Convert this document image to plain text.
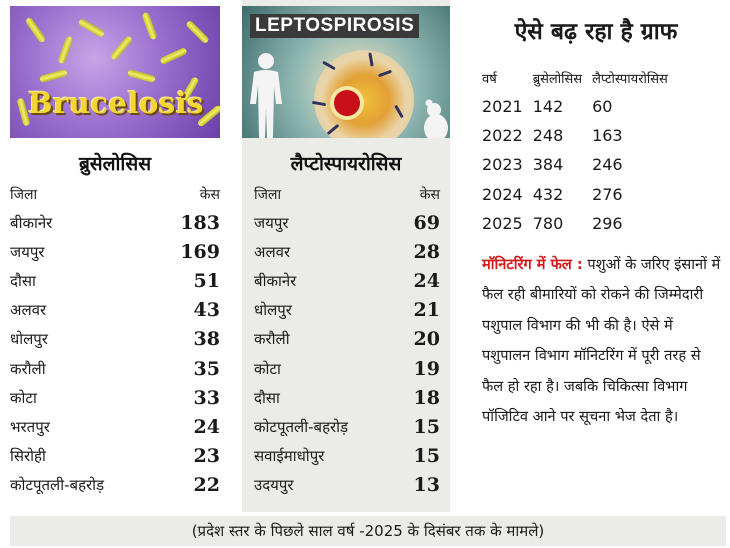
Brucelosis
ब्रुसेलोसिस
जिला	केस
बीकानेर	183
जयपुर	169
दौसा	51
अलवर	43
धोलपुर	38
करौली	35
कोटा	33
भरतपुर	24
सिरोही	23
कोटपूतली-बहरोड़	22
LEPTOSPIROSIS
लैप्टोस्पायरोसिस
जिला	केस
जयपुर	69
अलवर	28
बीकानेर	24
धोलपुर	21
करौली	20
कोटा	19
दौसा	18
कोटपूतली-बहरोड़	15
सवाईमाधोपुर	15
उदयपुर	13
ऐसे बढ़ रहा है ग्राफ
वर्ष	ब्रुसेलोसिस	लैप्टोस्पायरोसिस
2021	142	60
2022	248	163
2023	384	246
2024	432	276
2025	780	296

मॉनिटरिंग में फेल : पशुओं के जरिए इंसानों में फैल रही बीमारियों को रोकने की जिम्मेदारी पशुपाल विभाग की भी की है। ऐसे में पशुपालन विभाग मॉनिटरिंग में पूरी तरह से फैल हो रहा है। जबकि चिकित्सा विभाग पॉजिटिव आने पर सूचना भेज देता है।

(प्रदेश स्तर के पिछले साल वर्ष -2025 के दिसंबर तक के मामले)
